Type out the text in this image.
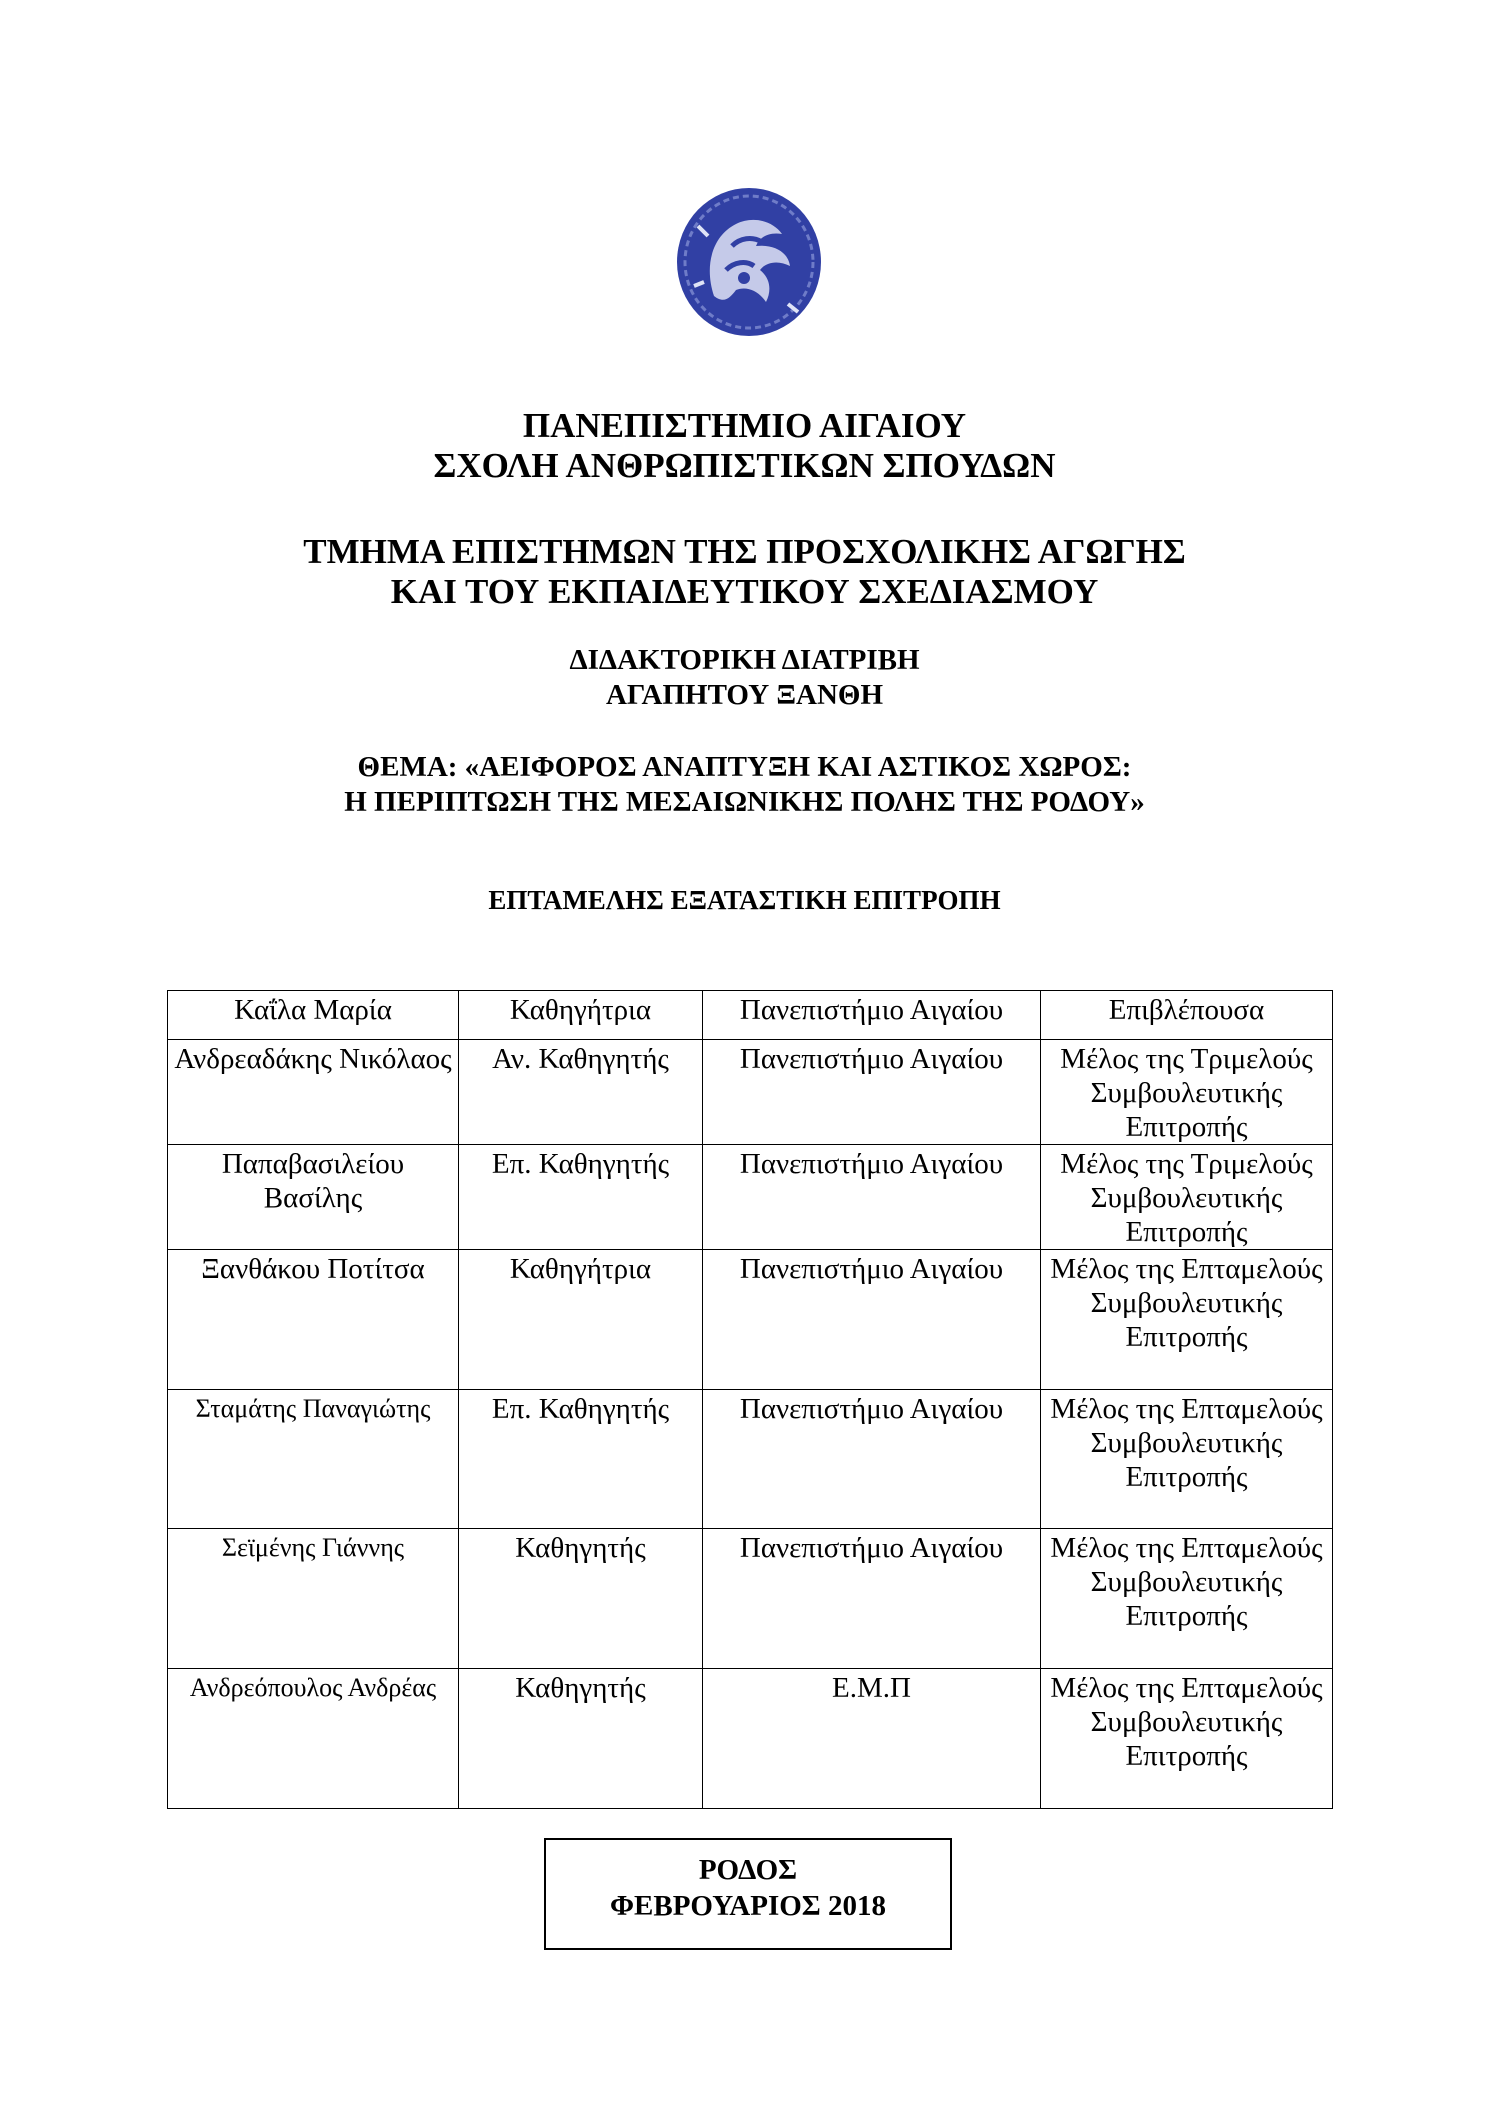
ΠΑΝΕΠΙΣΤΗΜΙΟ ΑΙΓΑΙΟΥ
ΣΧΟΛΗ ΑΝΘΡΩΠΙΣΤΙΚΩΝ ΣΠΟΥΔΩΝ
ΤΜΗΜΑ ΕΠΙΣΤΗΜΩΝ ΤΗΣ ΠΡΟΣΧΟΛΙΚΗΣ ΑΓΩΓΗΣ
ΚΑΙ ΤΟΥ ΕΚΠΑΙΔΕΥΤΙΚΟΥ ΣΧΕΔΙΑΣΜΟΥ
ΔΙΔΑΚΤΟΡΙΚΗ ΔΙΑΤΡΙΒΗ
ΑΓΑΠΗΤΟΥ ΞΑΝΘΗ
ΘΕΜΑ: «ΑΕΙΦΟΡΟΣ ΑΝΑΠΤΥΞΗ ΚΑΙ ΑΣΤΙΚΟΣ ΧΩΡΟΣ:
Η ΠΕΡΙΠΤΩΣΗ ΤΗΣ ΜΕΣΑΙΩΝΙΚΗΣ ΠΟΛΗΣ ΤΗΣ ΡΟΔΟΥ»
ΕΠΤΑΜΕΛΗΣ ΕΞΑΤΑΣΤΙΚΗ ΕΠΙΤΡΟΠΗ
Καΐλα Μαρία	Καθηγήτρια	Πανεπιστήμιο Αιγαίου	Επιβλέπουσα
Ανδρεαδάκης Νικόλαος	Αν. Καθηγητής	Πανεπιστήμιο Αιγαίου	Μέλος της Τριμελούς Συμβουλευτικής Επιτροπής
Παπαβασιλείου Βασίλης	Επ. Καθηγητής	Πανεπιστήμιο Αιγαίου	Μέλος της Τριμελούς Συμβουλευτικής Επιτροπής
Ξανθάκου Ποτίτσα	Καθηγήτρια	Πανεπιστήμιο Αιγαίου	Μέλος της Επταμελούς Συμβουλευτικής Επιτροπής
Σταμάτης Παναγιώτης	Επ. Καθηγητής	Πανεπιστήμιο Αιγαίου	Μέλος της Επταμελούς Συμβουλευτικής Επιτροπής
Σεϊμένης Γιάννης	Καθηγητής	Πανεπιστήμιο Αιγαίου	Μέλος της Επταμελούς Συμβουλευτικής Επιτροπής
Ανδρεόπουλος Ανδρέας	Καθηγητής	Ε.Μ.Π	Μέλος της Επταμελούς Συμβουλευτικής Επιτροπής
ΡΟΔΟΣ
ΦΕΒΡΟΥΑΡΙΟΣ 2018
